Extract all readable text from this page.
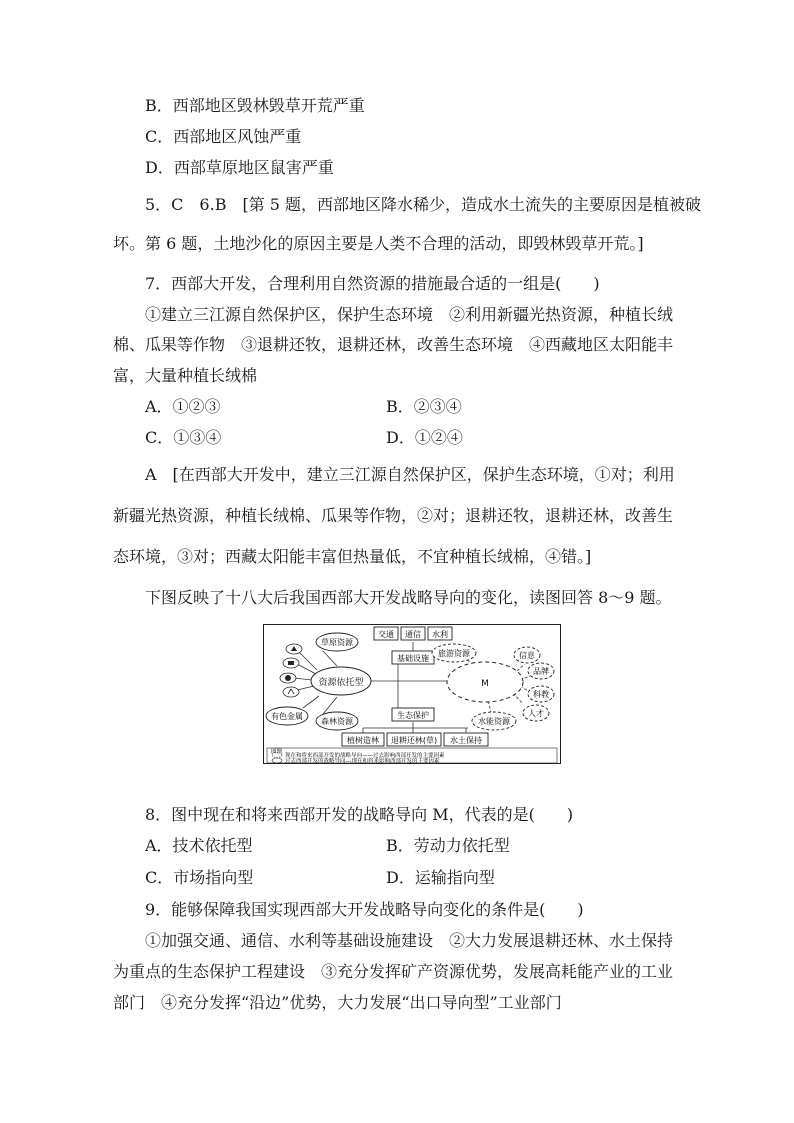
B．西部地区毁林毁草开荒严重
C．西部地区风蚀严重
D．西部草原地区鼠害严重
5．C　6.B　[第 5 题，西部地区降水稀少，造成水土流失的主要原因是植被破
坏。第 6 题，土地沙化的原因主要是人类不合理的活动，即毁林毁草开荒。]
7．西部大开发，合理利用自然资源的措施最合适的一组是(　　)
①建立三江源自然保护区，保护生态环境　②利用新疆光热资源，种植长绒
棉、瓜果等作物　③退耕还牧，退耕还林，改善生态环境　④西藏地区太阳能丰
富，大量种植长绒棉
A．①②③	B．②③④
C．①③④	D．①②④
A　[在西部大开发中，建立三江源自然保护区，保护生态环境，①对；利用
新疆光热资源，种植长绒棉、瓜果等作物，②对；退耕还牧，退耕还林，改善生
态环境，③对；西藏太阳能丰富但热量低，不宜种植长绒棉，④错。]
下图反映了十八大后我国西部大开发战略导向的变化，读图回答 8～9 题。
资源依托型	M
草原资源
森林资源
有色金属
交通 通信 水利
基础设施
生态保护
植树造林 退耕还林(草) 水土保持
旅游资源	信息
品牌
科教
人才
水能资源
图例
现在和将来西部开发的战略导向——过去影响西部开发的主要因素
过去西部开发的战略导向---现在和将来影响西部开发的主要因素
8．图中现在和将来西部开发的战略导向 M，代表的是(　　)
A．技术依托型	B．劳动力依托型
C．市场指向型	D．运输指向型
9．能够保障我国实现西部大开发战略导向变化的条件是(　　)
①加强交通、通信、水利等基础设施建设　②大力发展退耕还林、水土保持
为重点的生态保护工程建设　③充分发挥矿产资源优势，发展高耗能产业的工业
部门　④充分发挥“沿边”优势，大力发展“出口导向型”工业部门
